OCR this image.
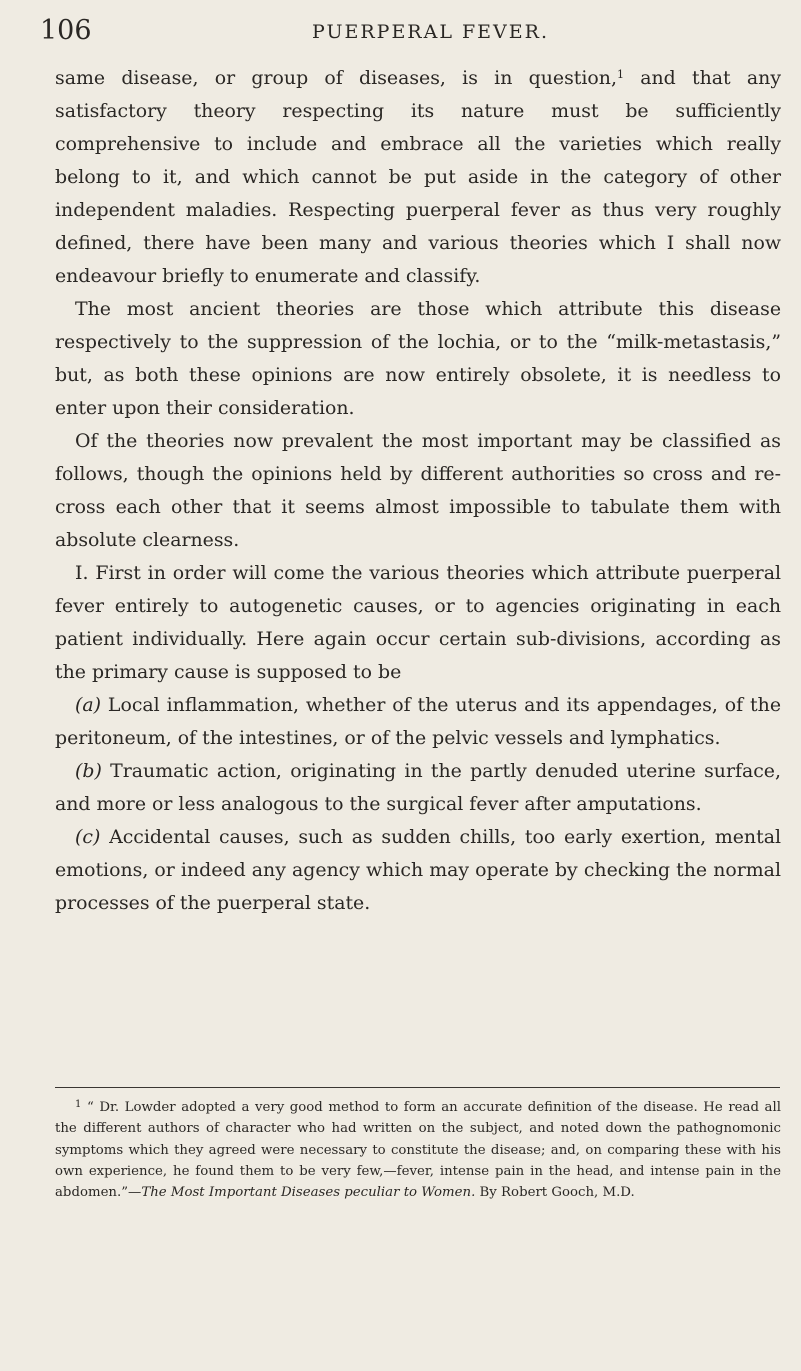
106	PUERPERAL FEVER.

same disease, or group of diseases, is in question,$^1$ and that any satisfactory theory respecting its nature must be sufficiently comprehensive to include and embrace all the varieties which really belong to it, and which cannot be put aside in the category of other independent maladies. Respecting puerperal fever as thus very roughly defined, there have been many and various theories which I shall now endeavour briefly to enumerate and classify.

The most ancient theories are those which attribute this disease respectively to the suppression of the lochia, or to the “milk-metastasis,” but, as both these opinions are now entirely obsolete, it is needless to enter upon their consideration.

Of the theories now prevalent the most important may be classified as follows, though the opinions held by different authorities so cross and re-cross each other that it seems almost impossible to tabulate them with absolute clearness.

I. First in order will come the various theories which attribute puerperal fever entirely to autogenetic causes, or to agencies originating in each patient individually. Here again occur certain sub-divisions, according as the primary cause is supposed to be

(a) Local inflammation, whether of the uterus and its appendages, of the peritoneum, of the intestines, or of the pelvic vessels and lymphatics.

(b) Traumatic action, originating in the partly denuded uterine surface, and more or less analogous to the surgical fever after amputations.

(c) Accidental causes, such as sudden chills, too early exertion, mental emotions, or indeed any agency which may operate by checking the normal processes of the puerperal state.

$^1$ “ Dr. Lowder adopted a very good method to form an accurate definition of the disease. He read all the different authors of character who had written on the subject, and noted down the pathognomonic symptoms which they agreed were necessary to constitute the disease; and, on comparing these with his own experience, he found them to be very few,—fever, intense pain in the head, and intense pain in the abdomen.”—The Most Important Diseases peculiar to Women. By Robert Gooch, M.D.
